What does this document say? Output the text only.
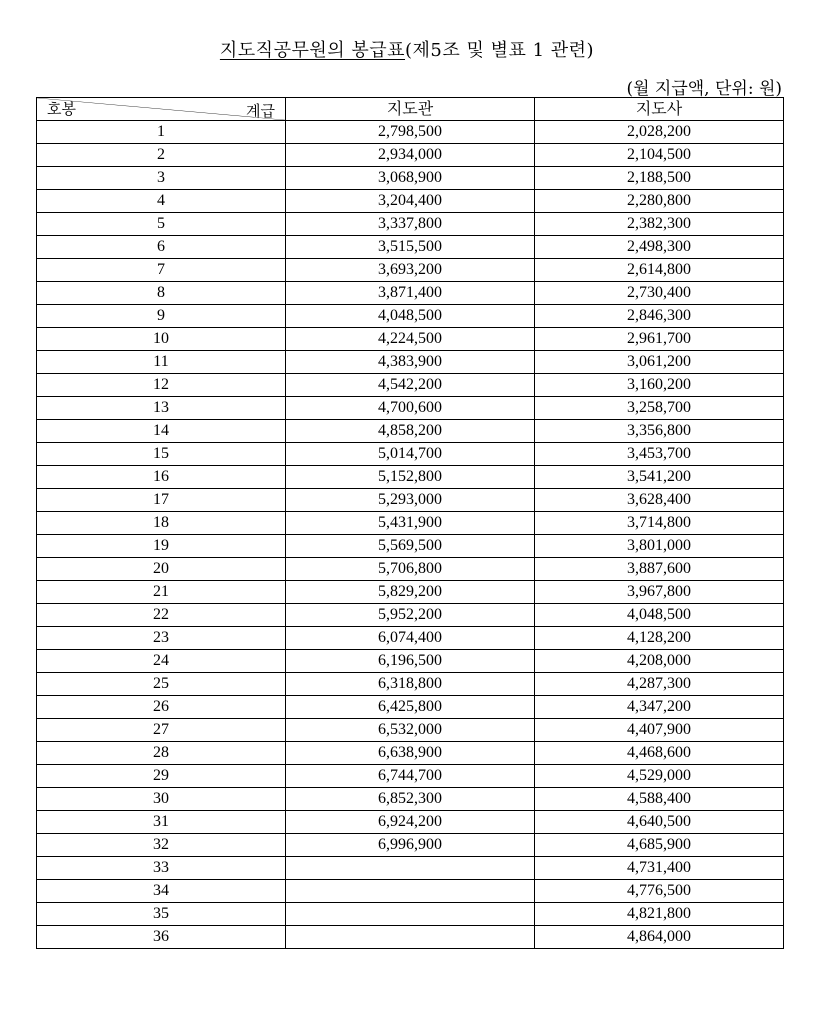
지도직공무원의 봉급표(제5조 및 별표 1 관련)
(월 지급액, 단위: 원)
계급
호봉	지도관	지도사
1	2,798,500	2,028,200
2	2,934,000	2,104,500
3	3,068,900	2,188,500
4	3,204,400	2,280,800
5	3,337,800	2,382,300
6	3,515,500	2,498,300
7	3,693,200	2,614,800
8	3,871,400	2,730,400
9	4,048,500	2,846,300
10	4,224,500	2,961,700
11	4,383,900	3,061,200
12	4,542,200	3,160,200
13	4,700,600	3,258,700
14	4,858,200	3,356,800
15	5,014,700	3,453,700
16	5,152,800	3,541,200
17	5,293,000	3,628,400
18	5,431,900	3,714,800
19	5,569,500	3,801,000
20	5,706,800	3,887,600
21	5,829,200	3,967,800
22	5,952,200	4,048,500
23	6,074,400	4,128,200
24	6,196,500	4,208,000
25	6,318,800	4,287,300
26	6,425,800	4,347,200
27	6,532,000	4,407,900
28	6,638,900	4,468,600
29	6,744,700	4,529,000
30	6,852,300	4,588,400
31	6,924,200	4,640,500
32	6,996,900	4,685,900
33		4,731,400
34		4,776,500
35		4,821,800
36		4,864,000
